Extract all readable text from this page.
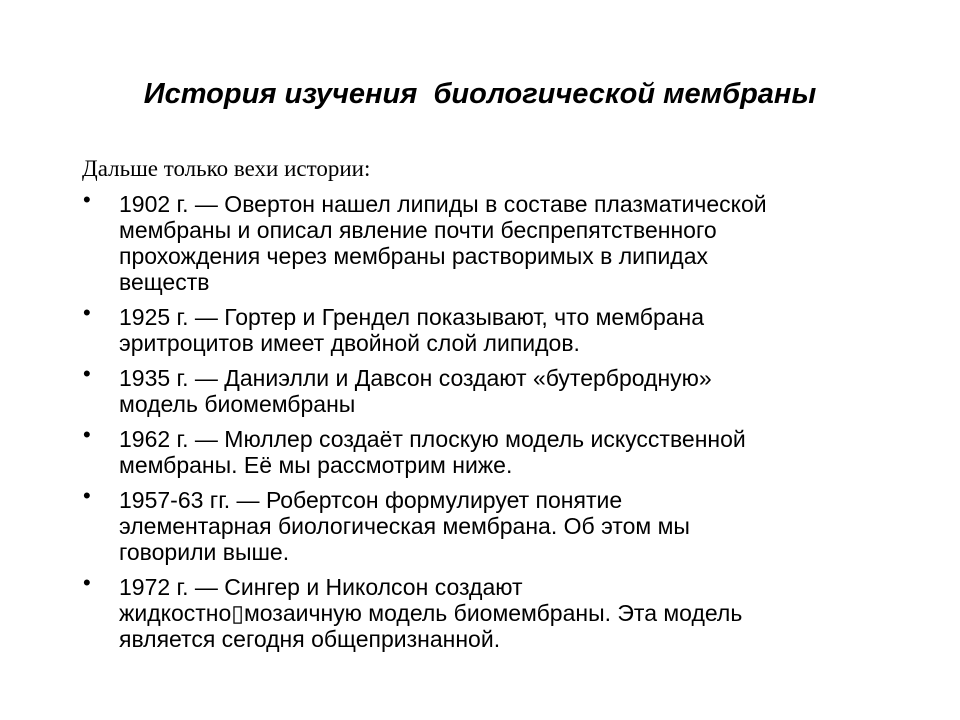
История изучения  биологической мембраны

Дальше только вехи истории:

• 1902 г. — Овертон нашел липиды в составе плазматической
мембраны и описал явление почти беспрепятственного
прохождения через мембраны растворимых в липидах
веществ
• 1925 г. — Гортер и Грендел показывают, что мембрана
эритроцитов имеет двойной слой липидов.
• 1935 г. — Даниэлли и Давсон создают «бутербродную»
модель биомембраны
• 1962 г. — Мюллер создаёт плоскую модель искусственной
мембраны. Её мы рассмотрим ниже.
• 1957-63 гг. — Робертсон формулирует понятие
элементарная биологическая мембрана. Об этом мы
говорили выше.
• 1972 г. — Сингер и Николсон создают
жидкостно▯мозаичную модель биомембраны. Эта модель
является сегодня общепризнанной.
